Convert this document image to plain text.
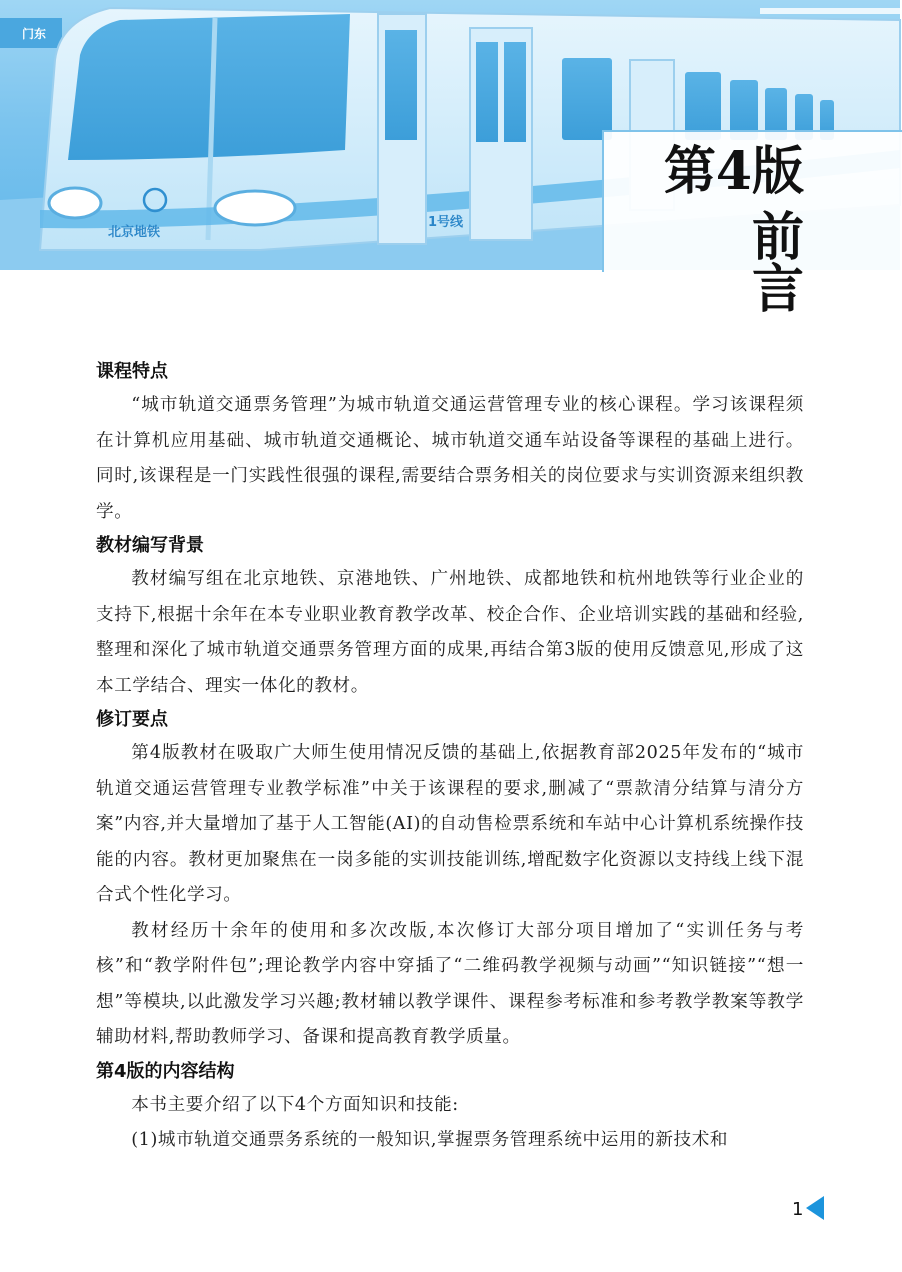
北京地铁
1号线
门东
第4版
前言
课程特点

“城市轨道交通票务管理”为城市轨道交通运营管理专业的核心课程。学习该课程须在计算机应用基础、城市轨道交通概论、城市轨道交通车站设备等课程的基础上进行。同时,该课程是一门实践性很强的课程,需要结合票务相关的岗位要求与实训资源来组织教学。

教材编写背景

教材编写组在北京地铁、京港地铁、广州地铁、成都地铁和杭州地铁等行业企业的支持下,根据十余年在本专业职业教育教学改革、校企合作、企业培训实践的基础和经验,整理和深化了城市轨道交通票务管理方面的成果,再结合第3版的使用反馈意见,形成了这本工学结合、理实一体化的教材。

修订要点

第4版教材在吸取广大师生使用情况反馈的基础上,依据教育部2025年发布的“城市轨道交通运营管理专业教学标准”中关于该课程的要求,删减了“票款清分结算与清分方案”内容,并大量增加了基于人工智能(AI)的自动售检票系统和车站中心计算机系统操作技能的内容。教材更加聚焦在一岗多能的实训技能训练,增配数字化资源以支持线上线下混合式个性化学习。

教材经历十余年的使用和多次改版,本次修订大部分项目增加了“实训任务与考核”和“教学附件包”;理论教学内容中穿插了“二维码教学视频与动画”“知识链接”“想一想”等模块,以此激发学习兴趣;教材辅以教学课件、课程参考标准和参考教学教案等教学辅助材料,帮助教师学习、备课和提高教育教学质量。

第4版的内容结构

本书主要介绍了以下4个方面知识和技能:

(1)城市轨道交通票务系统的一般知识,掌握票务管理系统中运用的新技术和

1
